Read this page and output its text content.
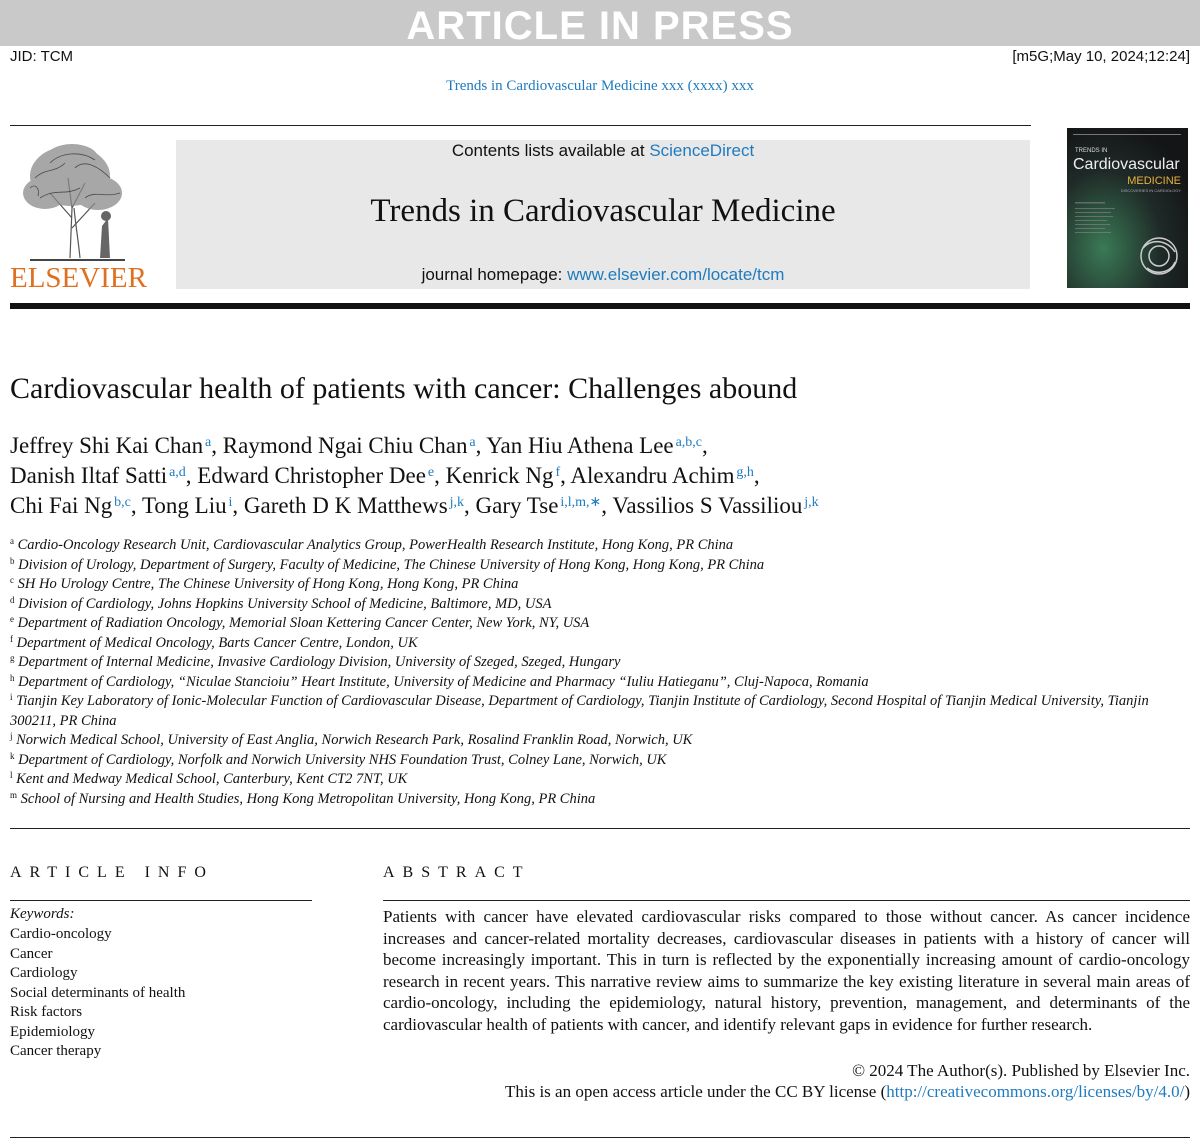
ARTICLE IN PRESS
JID: TCM	[m5G;May 10, 2024;12:24]
Trends in Cardiovascular Medicine xxx (xxxx) xxx
ELSEVIER
Contents lists available at ScienceDirect
Trends in Cardiovascular Medicine
journal homepage: www.elsevier.com/locate/tcm
TRENDS IN
Cardiovascular
MEDICINE
DISCOVERIES IN CARDIOLOGY
Cardiovascular health of patients with cancer: Challenges abound
Jeffrey Shi Kai Chan  $^a$, Raymond Ngai Chiu Chan  $^a$, Yan Hiu Athena Lee  $^{a,b,c}$,
Danish Iltaf Satti  $^{a,d}$, Edward Christopher Dee  $^e$, Kenrick Ng  $^f$, Alexandru Achim  $^{g,h}$,
Chi Fai Ng  $^{b,c}$, Tong Liu  $^i$, Gareth D K Matthews  $^{j,k}$, Gary Tse  $^{i,l,m,∗}$, Vassilios S Vassiliou  $^{j,k}$
$^a$ Cardio-Oncology Research Unit, Cardiovascular Analytics Group, PowerHealth Research Institute, Hong Kong, PR China
$^b$ Division of Urology, Department of Surgery, Faculty of Medicine, The Chinese University of Hong Kong, Hong Kong, PR China
$^c$ SH Ho Urology Centre, The Chinese University of Hong Kong, Hong Kong, PR China
$^d$ Division of Cardiology, Johns Hopkins University School of Medicine, Baltimore, MD, USA
$^e$ Department of Radiation Oncology, Memorial Sloan Kettering Cancer Center, New York, NY, USA
$^f$ Department of Medical Oncology, Barts Cancer Centre, London, UK
$^g$ Department of Internal Medicine, Invasive Cardiology Division, University of Szeged, Szeged, Hungary
$^h$ Department of Cardiology, “Niculae Stancioiu” Heart Institute, University of Medicine and Pharmacy “Iuliu Hatieganu”, Cluj-Napoca, Romania
$^i$ Tianjin Key Laboratory of Ionic-Molecular Function of Cardiovascular Disease, Department of Cardiology, Tianjin Institute of Cardiology, Second Hospital of Tianjin Medical University, Tianjin 300211, PR China
$^j$ Norwich Medical School, University of East Anglia, Norwich Research Park, Rosalind Franklin Road, Norwich, UK
$^k$ Department of Cardiology, Norfolk and Norwich University NHS Foundation Trust, Colney Lane, Norwich, UK
$^l$ Kent and Medway Medical School, Canterbury, Kent CT2 7NT, UK
$^m$ School of Nursing and Health Studies, Hong Kong Metropolitan University, Hong Kong, PR China
ARTICLE INFO
Keywords:
Cardio-oncology
Cancer
Cardiology
Social determinants of health
Risk factors
Epidemiology
Cancer therapy
ABSTRACT
Patients with cancer have elevated cardiovascular risks compared to those without cancer. As cancer incidence increases and cancer-related mortality decreases, cardiovascular diseases in patients with a history of cancer will become increasingly important. This in turn is reflected by the exponentially increasing amount of cardio-oncology research in recent years. This narrative review aims to summarize the key existing literature in several main areas of cardio-oncology, including the epidemiology, natural history, prevention, management, and determinants of the cardiovascular health of patients with cancer, and identify relevant gaps in evidence for further research.
© 2024 The Author(s). Published by Elsevier Inc.
This is an open access article under the CC BY license (http://creativecommons.org/licenses/by/4.0/)
